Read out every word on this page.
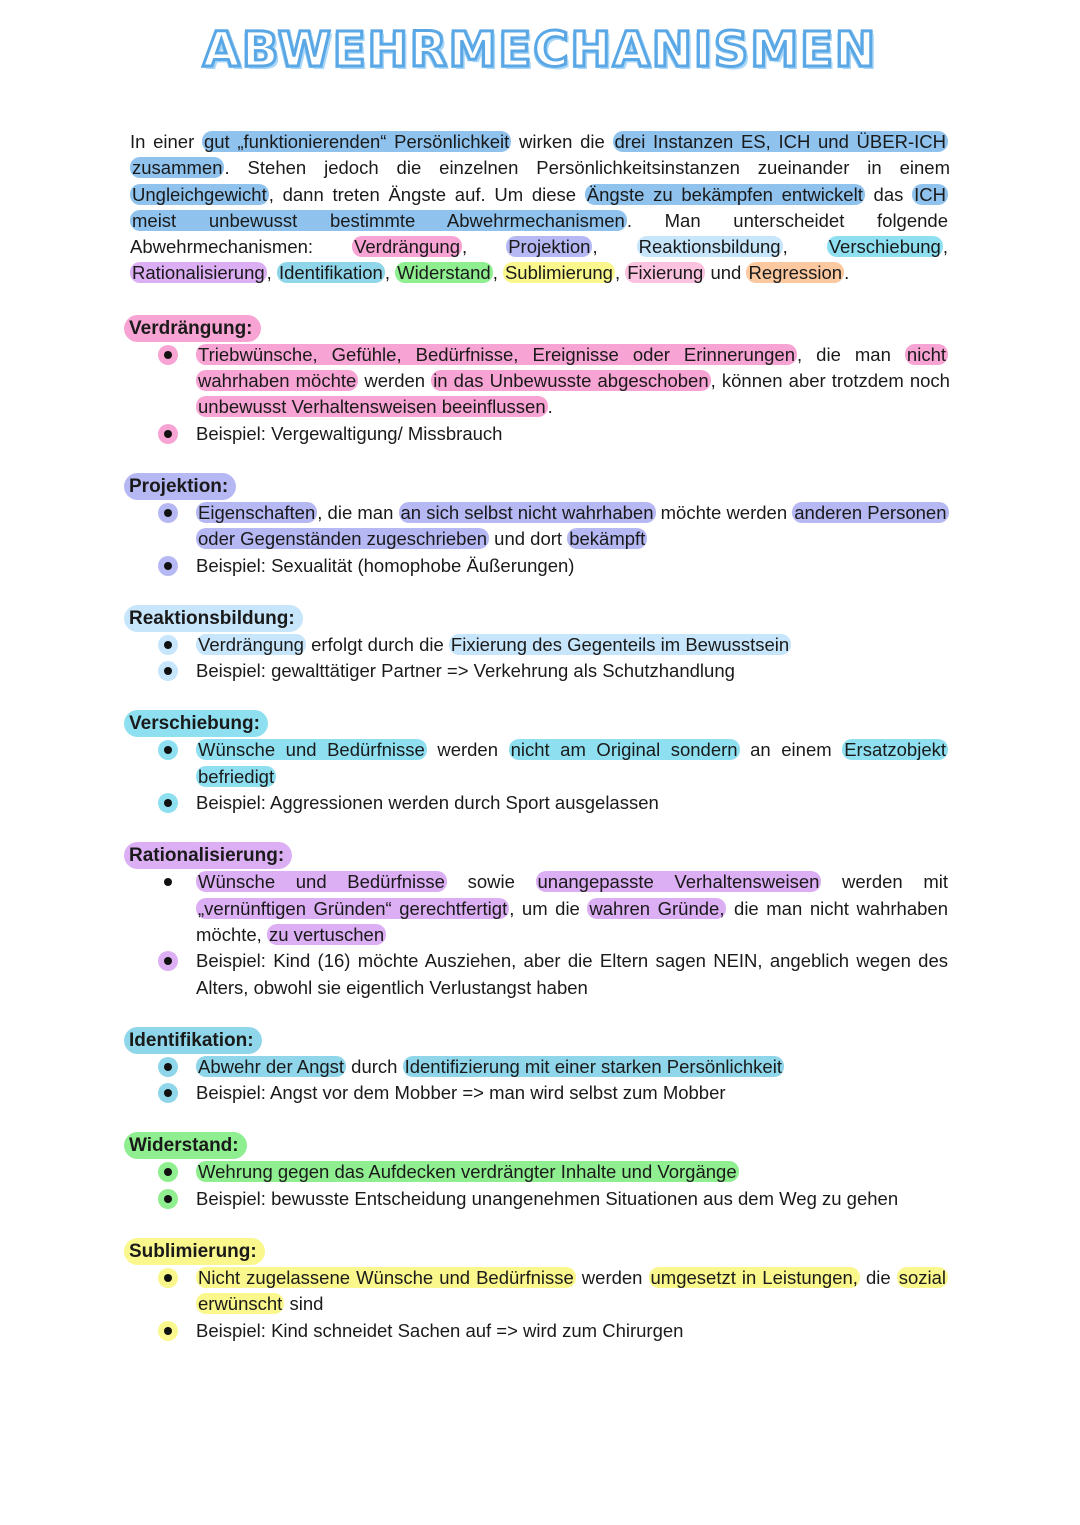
ABWEHRMECHANISMEN

In einer gut „funktionierenden“ Persönlichkeit wirken die drei Instanzen ES, ICH und ÜBER-ICH zusammen . Stehen jedoch die einzelnen Persönlichkeitsinstanzen zueinander in einem Ungleichgewicht , dann treten Ängste auf. Um diese Ängste zu bekämpfen entwickelt das ICH meist unbewusst bestimmte Abwehrmechanismen . Man unterscheidet folgende Abwehrmechanismen: Verdrängung , Projektion , Reaktionsbildung , Verschiebung , Rationalisierung , Identifikation , Widerstand , Sublimierung , Fixierung und Regression .

Verdrängung:
Triebwünsche, Gefühle, Bedürfnisse, Ereignisse oder Erinnerungen , die man nicht wahrhaben möchte werden in das Unbewusste abgeschoben , können aber trotzdem noch unbewusst Verhaltensweisen beeinflussen .
Beispiel: Vergewaltigung/ Missbrauch
Projektion:
Eigenschaften , die man an sich selbst nicht wahrhaben möchte werden anderen Personen oder Gegenständen zugeschrieben und dort bekämpft
Beispiel: Sexualität (homophobe Äußerungen)
Reaktionsbildung:
Verdrängung erfolgt durch die Fixierung des Gegenteils im Bewusstsein
Beispiel: gewalttätiger Partner => Verkehrung als Schutzhandlung
Verschiebung:
Wünsche und Bedürfnisse werden nicht am Original sondern an einem Ersatzobjekt befriedigt
Beispiel: Aggressionen werden durch Sport ausgelassen
Rationalisierung:
Wünsche und Bedürfnisse sowie unangepasste Verhaltensweisen werden mit „vernünftigen Gründen“ gerechtfertigt , um die wahren Gründe, die man nicht wahrhaben möchte, zu vertuschen
Beispiel: Kind (16) möchte Ausziehen, aber die Eltern sagen NEIN, angeblich wegen des Alters, obwohl sie eigentlich Verlustangst haben
Identifikation:
Abwehr der Angst durch Identifizierung mit einer starken Persönlichkeit
Beispiel: Angst vor dem Mobber => man wird selbst zum Mobber
Widerstand:
Wehrung gegen das Aufdecken verdrängter Inhalte und Vorgänge
Beispiel: bewusste Entscheidung unangenehmen Situationen aus dem Weg zu gehen
Sublimierung:
Nicht zugelassene Wünsche und Bedürfnisse werden umgesetzt in Leistungen, die sozial erwünscht sind
Beispiel: Kind schneidet Sachen auf => wird zum Chirurgen
